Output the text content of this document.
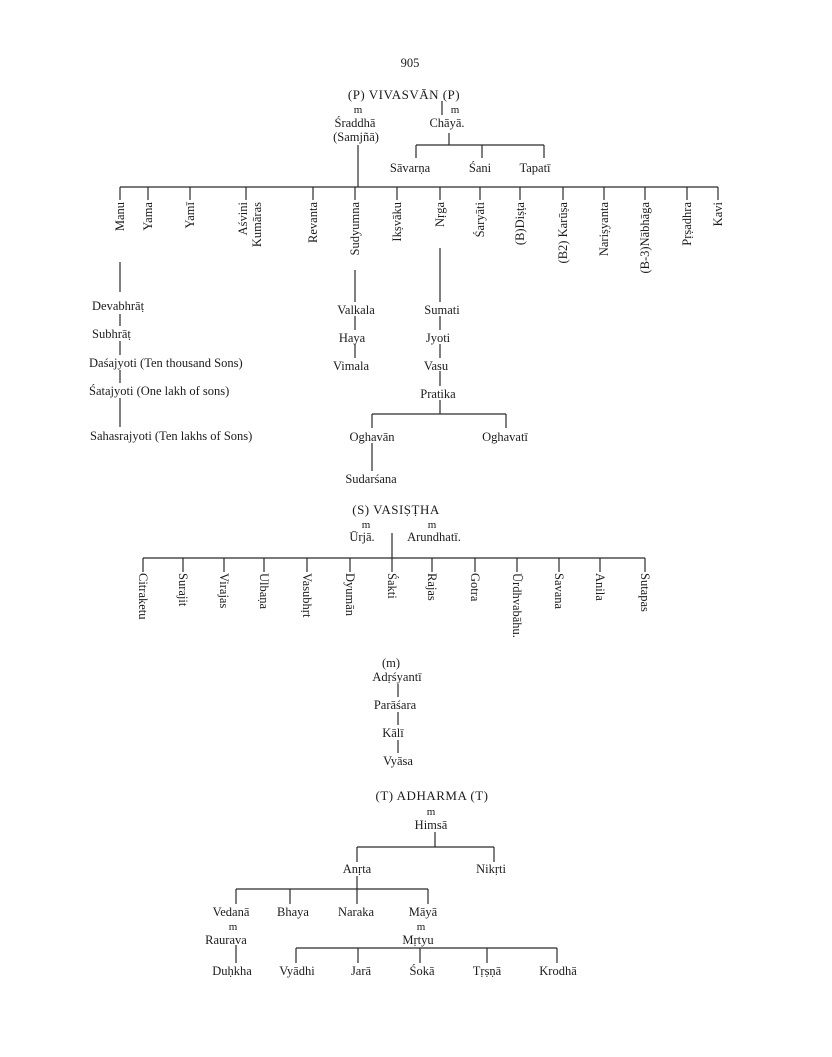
905
(P) VIVASVĀN (P)
m	m
Śraddhā
(Samjñā)
Chāyā.
Sāvarṇa	Śani Tapatī
Manu Yama Yamī	Aśvini Kumāras	Revanta Sudyumna Ikṣvāku Nṛga Śaryāti (B)Diṣṭa (B2) Karūṣa Nariṣyanta (B-3)Nābhāga Pṛṣadhra Kavi
Devabhrāṭ
Subhrāṭ
Daśajyoti (Ten thousand Sons)
Śatajyoti (One lakh of sons)
Sahasrajyoti (Ten lakhs of Sons)
Valkala
Haya
Vimala
Sumati
Jyoti
Vasu
Pratika
Oghavān	Oghavatī
Sudarśana
(S) VASIṢṬHA
m	m
Ūrjā.	Arundhatī.
Citraketu Surajit Virajas Ulbaṇa Vasubhṛt Dyumān Śakti Rajas Gotra Ūrdhvabāhu. Savana Anila Sutapas
(m)
Adṛśyantī
Parāśara
Kālī
Vyāsa
(T) ADHARMA (T)
m
Himsā
Anṛta	Nikṛti
Vedanā Bhaya Naraka	Māyā
m
Raurava
Duḥkha
m
Mṛtyu
Vyādhi	Jarā	Śokā	Tṛṣṇā	Krodhā
